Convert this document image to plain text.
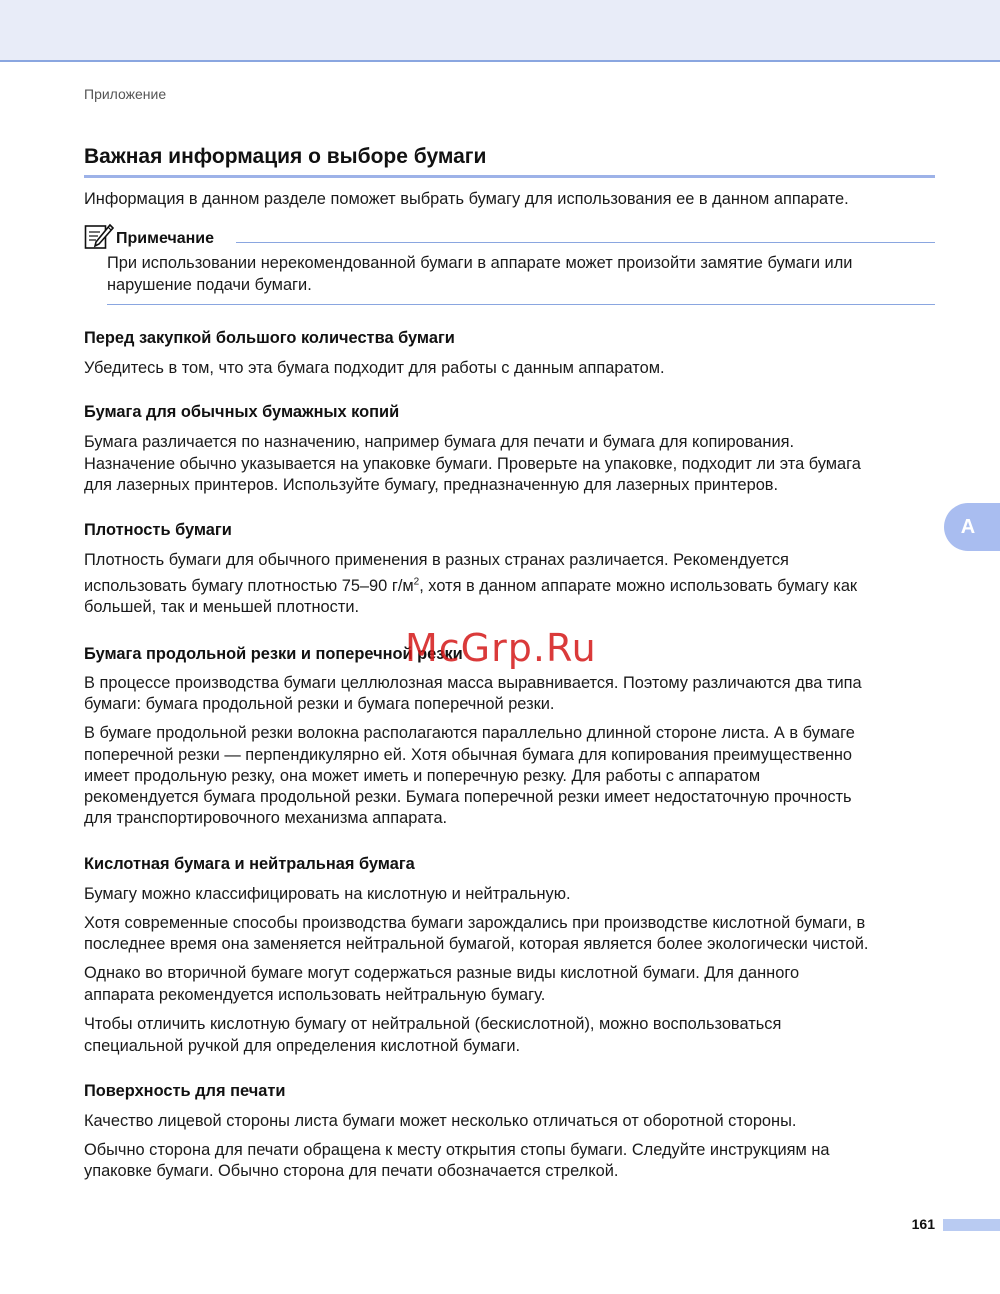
Приложение
Важная информация о выборе бумаги

Информация в данном разделе поможет выбрать бумагу для использования ее в данном аппарате.

Примечание
При использовании нерекомендованной бумаги в аппарате может произойти замятие бумаги или нарушение подачи бумаги.
Перед закупкой большого количества бумаги

Убедитесь в том, что эта бумага подходит для работы с данным аппаратом.

Бумага для обычных бумажных копий

Бумага различается по назначению, например бумага для печати и бумага для копирования.

Назначение обычно указывается на упаковке бумаги. Проверьте на упаковке, подходит ли эта бумага

для лазерных принтеров. Используйте бумагу, предназначенную для лазерных принтеров.

Плотность бумаги

Плотность бумаги для обычного применения в разных странах различается. Рекомендуется

использовать бумагу плотностью 75–90 $г/м^2$, хотя в данном аппарате можно использовать бумагу как

большей, так и меньшей плотности.

Бумага продольной резки и поперечной резки

В процессе производства бумаги целлюлозная масса выравнивается. Поэтому различаются два типа

бумаги: бумага продольной резки и бумага поперечной резки.

В бумаге продольной резки волокна располагаются параллельно длинной стороне листа. А в бумаге

поперечной резки — перпендикулярно ей. Хотя обычная бумага для копирования преимущественно

имеет продольную резку, она может иметь и поперечную резку. Для работы с аппаратом

рекомендуется бумага продольной резки. Бумага поперечной резки имеет недостаточную прочность

для транспортировочного механизма аппарата.

Кислотная бумага и нейтральная бумага

Бумагу можно классифицировать на кислотную и нейтральную.

Хотя современные способы производства бумаги зарождались при производстве кислотной бумаги, в

последнее время она заменяется нейтральной бумагой, которая является более экологически чистой.

Однако во вторичной бумаге могут содержаться разные виды кислотной бумаги. Для данного

аппарата рекомендуется использовать нейтральную бумагу.

Чтобы отличить кислотную бумагу от нейтральной (бескислотной), можно воспользоваться

специальной ручкой для определения кислотной бумаги.

Поверхность для печати

Качество лицевой стороны листа бумаги может несколько отличаться от оборотной стороны.

Обычно сторона для печати обращена к месту открытия стопы бумаги. Следуйте инструкциям на

упаковке бумаги. Обычно сторона для печати обозначается стрелкой.

A
McGrp.Ru
161
